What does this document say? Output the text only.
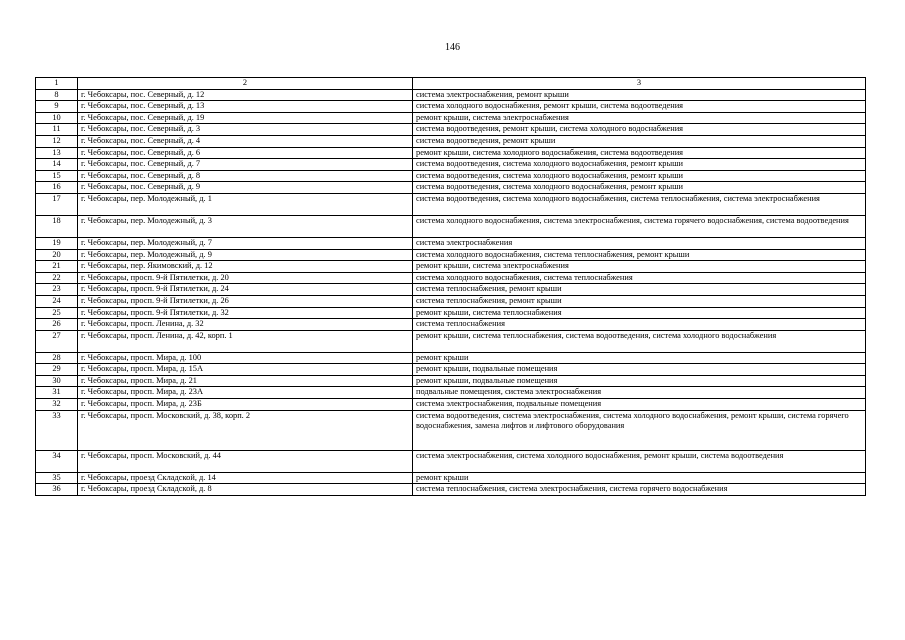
146
1	2	3
8	г. Чебоксары, пос. Северный, д. 12	система электроснабжения, ремонт крыши
9	г. Чебоксары, пос. Северный, д. 13	система холодного водоснабжения, ремонт крыши, система водоотведения
10	г. Чебоксары, пос. Северный, д. 19	ремонт крыши, система электроснабжения
11	г. Чебоксары, пос. Северный, д. 3	система водоотведения, ремонт крыши, система холодного водоснабжения
12	г. Чебоксары, пос. Северный, д. 4	система водоотведения, ремонт крыши
13	г. Чебоксары, пос. Северный, д. 6	ремонт крыши, система холодного водоснабжения, система водоотведения
14	г. Чебоксары, пос. Северный, д. 7	система водоотведения, система холодного водоснабжения, ремонт крыши
15	г. Чебоксары, пос. Северный, д. 8	система водоотведения, система холодного водоснабжения, ремонт крыши
16	г. Чебоксары, пос. Северный, д. 9	система водоотведения, система холодного водоснабжения, ремонт крыши
17	г. Чебоксары, пер. Молодежный, д. 1	система водоотведения, система холодного водоснабжения, система теплоснабжения, система электроснабжения
18	г. Чебоксары, пер. Молодежный, д. 3	система холодного водоснабжения, система электроснабжения, система горячего водоснабжения, система водоотведения
19	г. Чебоксары, пер. Молодежный, д. 7	система электроснабжения
20	г. Чебоксары, пер. Молодежный, д. 9	система холодного водоснабжения, система теплоснабжения, ремонт крыши
21	г. Чебоксары, пер. Якимовский, д. 12	ремонт крыши, система электроснабжения
22	г. Чебоксары, просп. 9-й Пятилетки, д. 20	система холодного водоснабжения, система теплоснабжения
23	г. Чебоксары, просп. 9-й Пятилетки, д. 24	система теплоснабжения, ремонт крыши
24	г. Чебоксары, просп. 9-й Пятилетки, д. 26	система теплоснабжения, ремонт крыши
25	г. Чебоксары, просп. 9-й Пятилетки, д. 32	ремонт крыши, система теплоснабжения
26	г. Чебоксары, просп. Ленина, д. 32	система теплоснабжения
27	г. Чебоксары, просп. Ленина, д. 42, корп. 1	ремонт крыши, система теплоснабжения, система водоотведения, система холодного водоснабжения
28	г. Чебоксары, просп. Мира, д. 100	ремонт крыши
29	г. Чебоксары, просп. Мира, д. 15А	ремонт крыши, подвальные помещения
30	г. Чебоксары, просп. Мира, д. 21	ремонт крыши, подвальные помещения
31	г. Чебоксары, просп. Мира, д. 23А	подвальные помещения, система электроснабжения
32	г. Чебоксары, просп. Мира, д. 23Б	система электроснабжения, подвальные помещения
33	г. Чебоксары, просп. Московский, д. 38, корп. 2	система водоотведения, система электроснабжения, система холодного водоснабжения, ремонт крыши, система горячего водоснабжения, замена лифтов и лифтового оборудования
34	г. Чебоксары, просп. Московский, д. 44	система электроснабжения, система холодного водоснабжения, ремонт крыши, система водоотведения
35	г. Чебоксары, проезд Складской, д. 14	ремонт крыши
36	г. Чебоксары, проезд Складской, д. 8	система теплоснабжения, система электроснабжения, система горячего водоснабжения
